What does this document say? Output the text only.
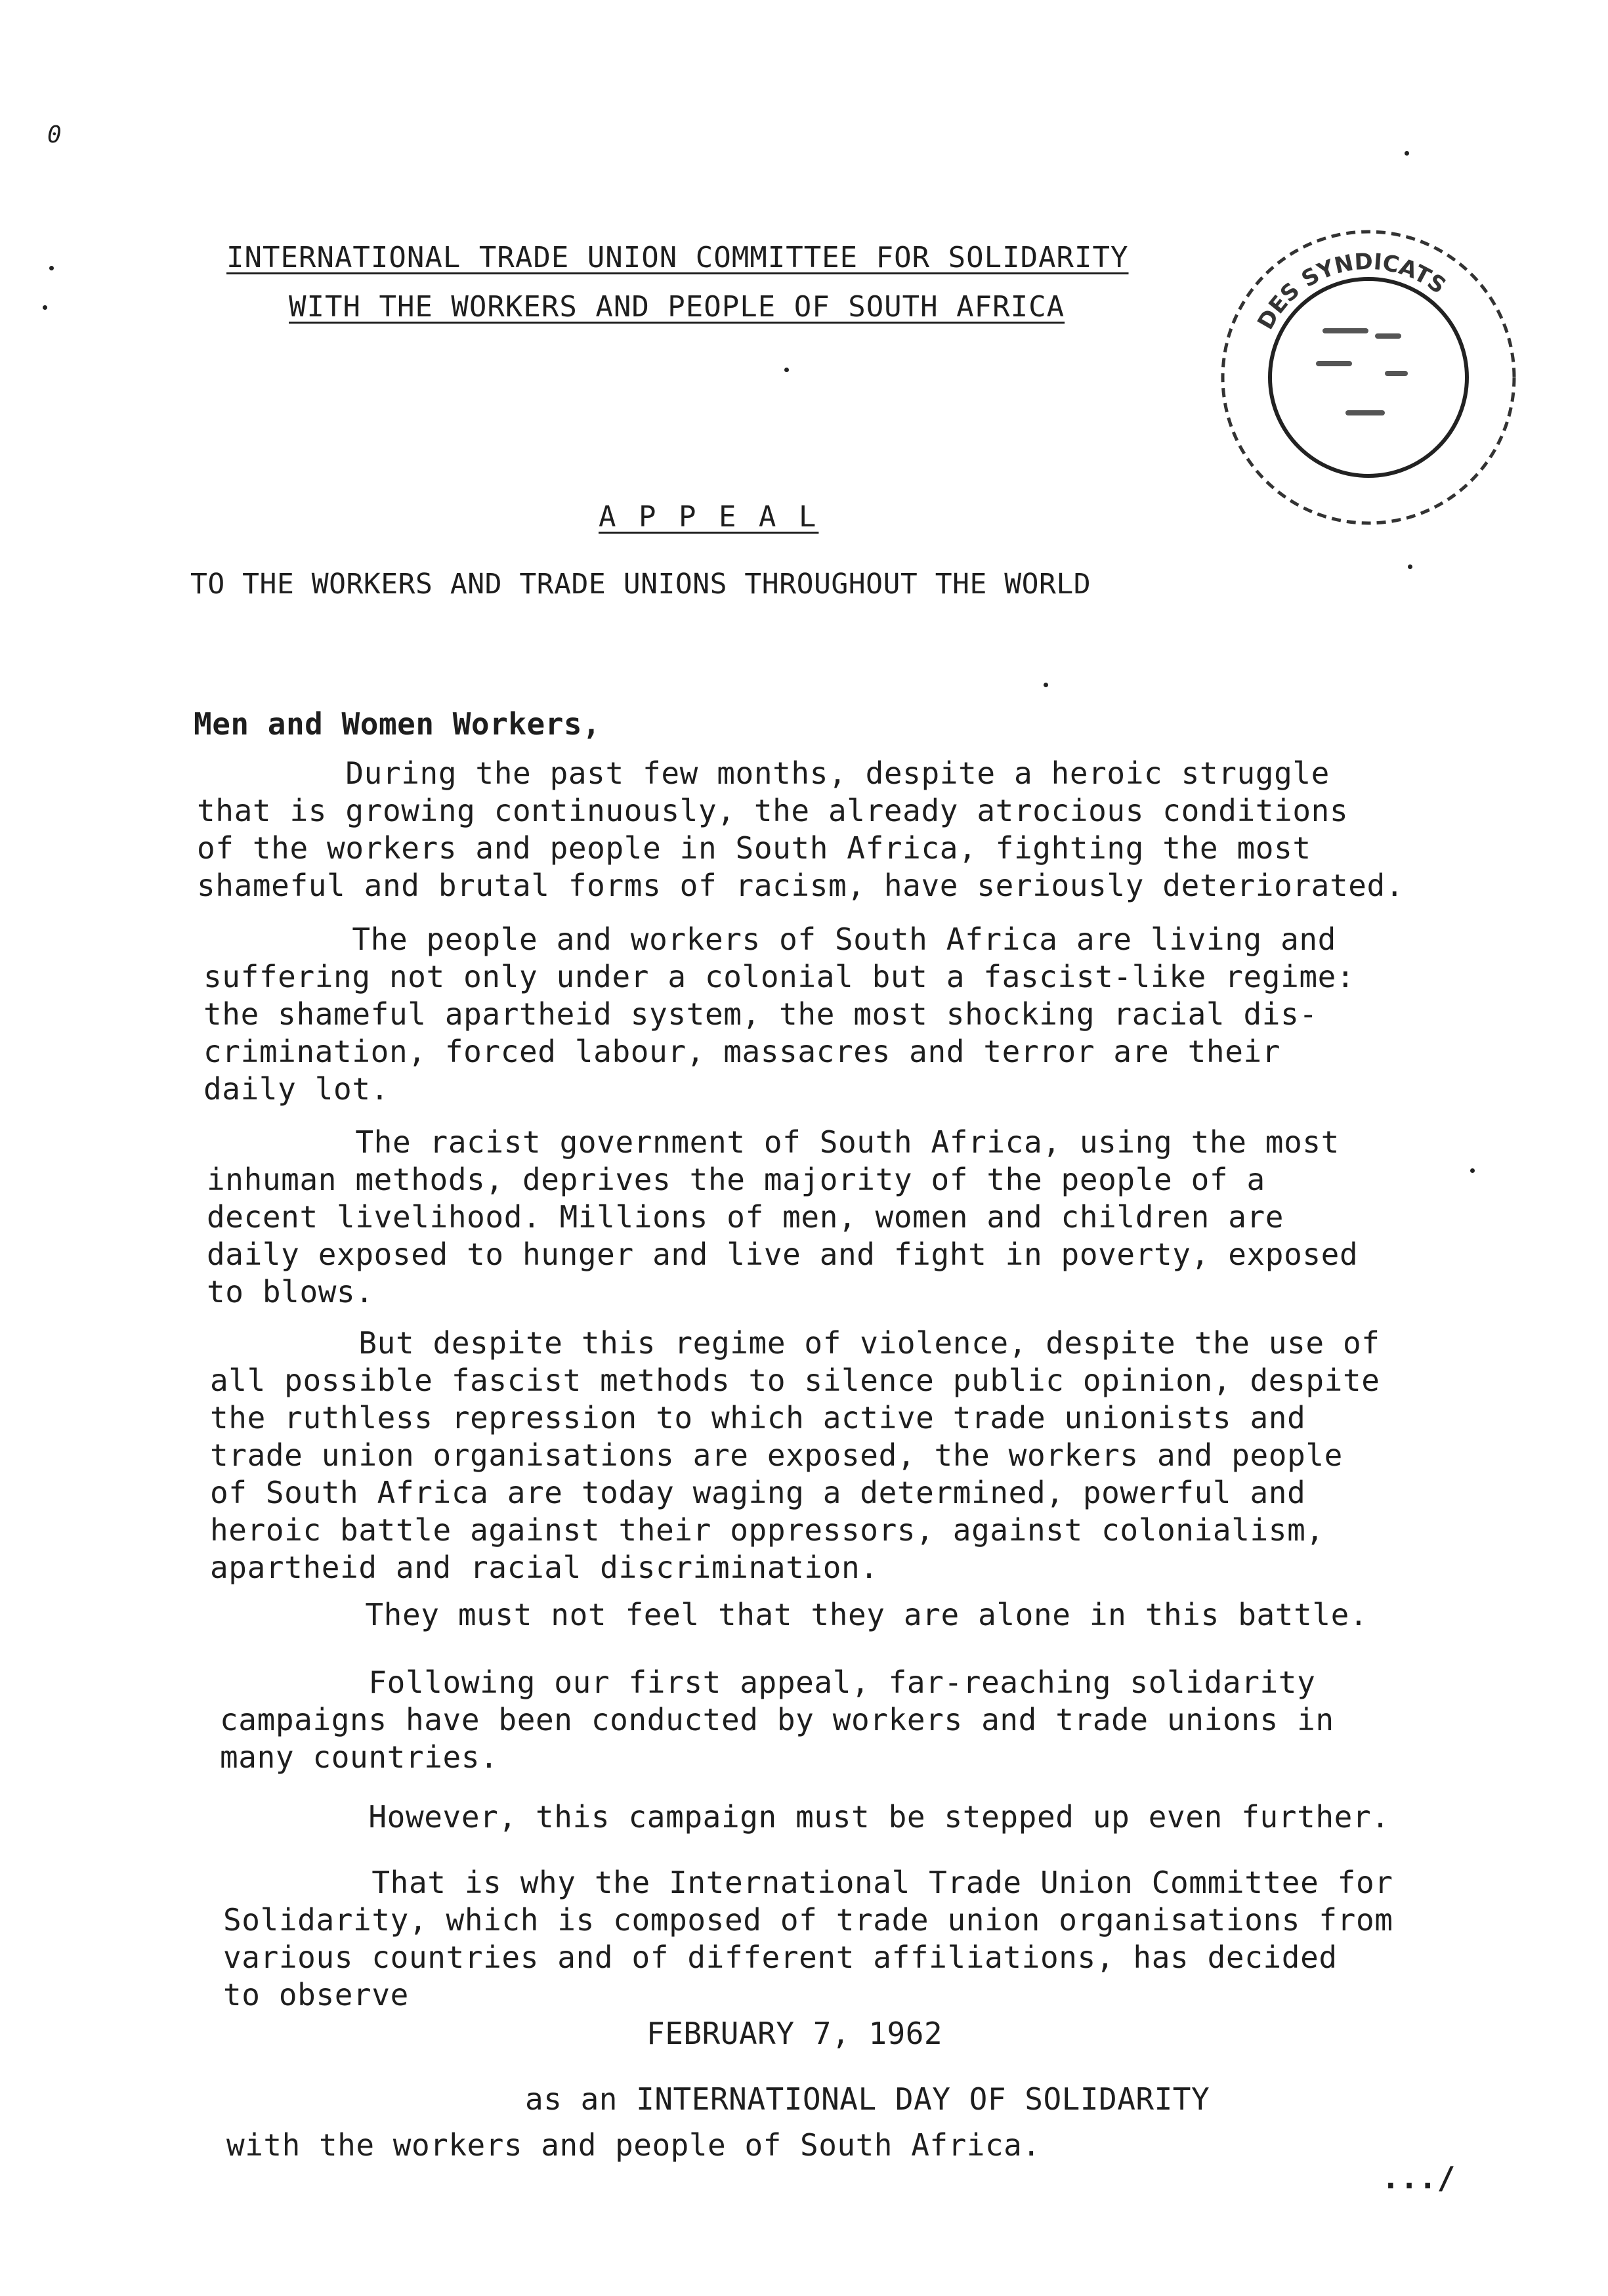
0
INTERNATIONAL TRADE UNION COMMITTEE FOR SOLIDARITY
WITH THE WORKERS AND PEOPLE OF SOUTH AFRICA	DES SYNDICATS
A P P E A L
TO THE WORKERS AND TRADE UNIONS THROUGHOUT THE WORLD
Men and Women Workers,
During the past few months, despite a heroic struggle
that is growing continuously, the already atrocious conditions
of the workers and people in South Africa, fighting the most
shameful and brutal forms of racism, have seriously deteriorated.
The people and workers of South Africa are living and
suffering not only under a colonial but a fascist-like regime:
the shameful apartheid system, the most shocking racial dis-
crimination, forced labour, massacres and terror are their
daily lot.
The racist government of South Africa, using the most
inhuman methods, deprives the majority of the people of a
decent livelihood. Millions of men, women and children are
daily exposed to hunger and live and fight in poverty, exposed
to blows.
But despite this regime of violence, despite the use of
all possible fascist methods to silence public opinion, despite
the ruthless repression to which active trade unionists and
trade union organisations are exposed, the workers and people
of South Africa are today waging a determined, powerful and
heroic battle against their oppressors, against colonialism,
apartheid and racial discrimination.
They must not feel that they are alone in this battle.
Following our first appeal, far-reaching solidarity
campaigns have been conducted by workers and trade unions in
many countries.
However, this campaign must be stepped up even further.
That is why the International Trade Union Committee for
Solidarity, which is composed of trade union organisations from
various countries and of different affiliations, has decided
to observe
FEBRUARY 7, 1962
as an INTERNATIONAL DAY OF SOLIDARITY
with the workers and people of South Africa.
.../
